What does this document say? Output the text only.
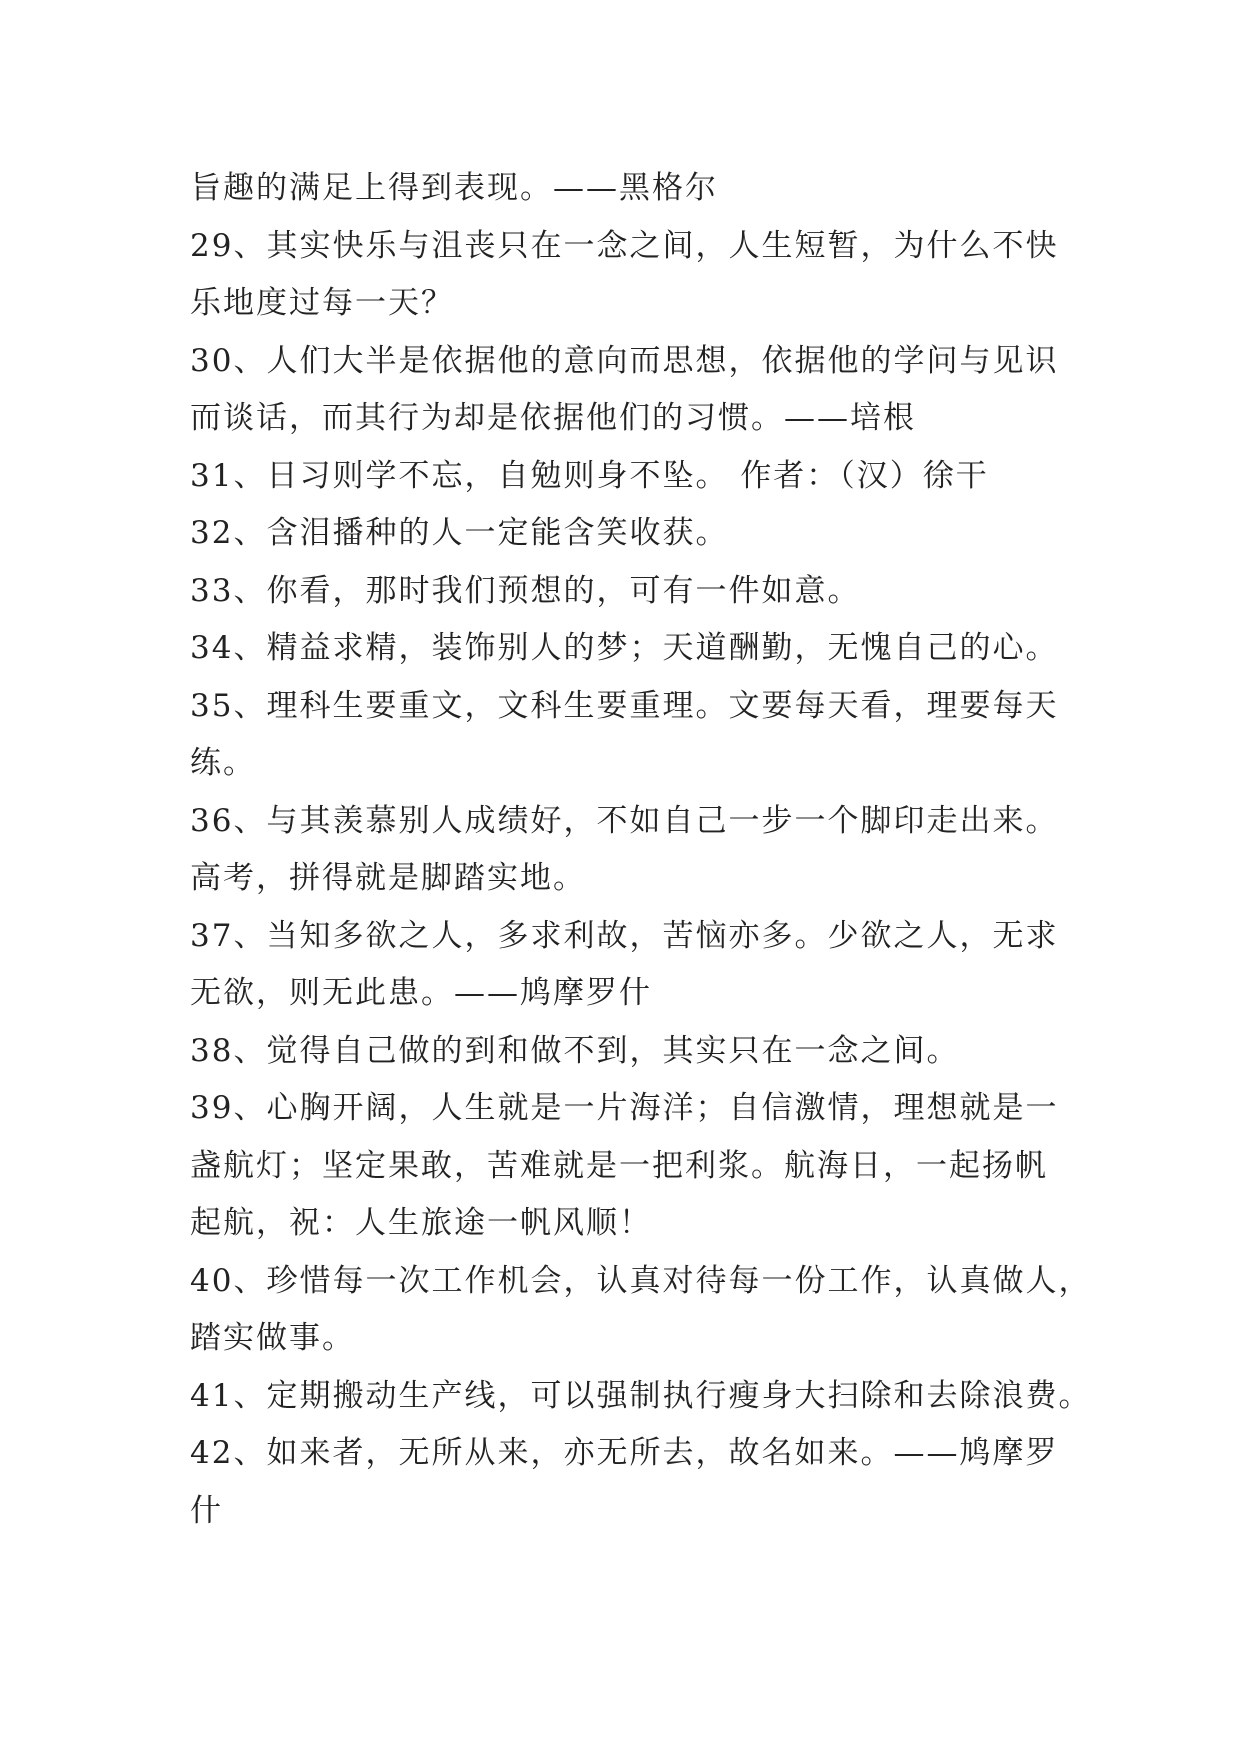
旨趣的满足上得到表现。——黑格尔
29、其实快乐与沮丧只在一念之间，人生短暂，为什么不快
乐地度过每一天？
30、人们大半是依据他的意向而思想，依据他的学问与见识
而谈话，而其行为却是依据他们的习惯。——培根
31、日习则学不忘，自勉则身不坠。 作者：（汉）徐干
32、含泪播种的人一定能含笑收获。
33、你看，那时我们预想的，可有一件如意。
34、精益求精，装饰别人的梦；天道酬勤，无愧自己的心。
35、理科生要重文，文科生要重理。文要每天看，理要每天
练。
36、与其羡慕别人成绩好，不如自己一步一个脚印走出来。
高考，拼得就是脚踏实地。
37、当知多欲之人，多求利故，苦恼亦多。少欲之人，无求
无欲，则无此患。——鸠摩罗什
38、觉得自己做的到和做不到，其实只在一念之间。
39、心胸开阔，人生就是一片海洋；自信激情，理想就是一
盏航灯；坚定果敢，苦难就是一把利浆。航海日，一起扬帆
起航，祝：人生旅途一帆风顺！
40、珍惜每一次工作机会，认真对待每一份工作，认真做人，
踏实做事。
41、定期搬动生产线，可以强制执行瘦身大扫除和去除浪费。
42、如来者，无所从来，亦无所去，故名如来。——鸠摩罗
什
